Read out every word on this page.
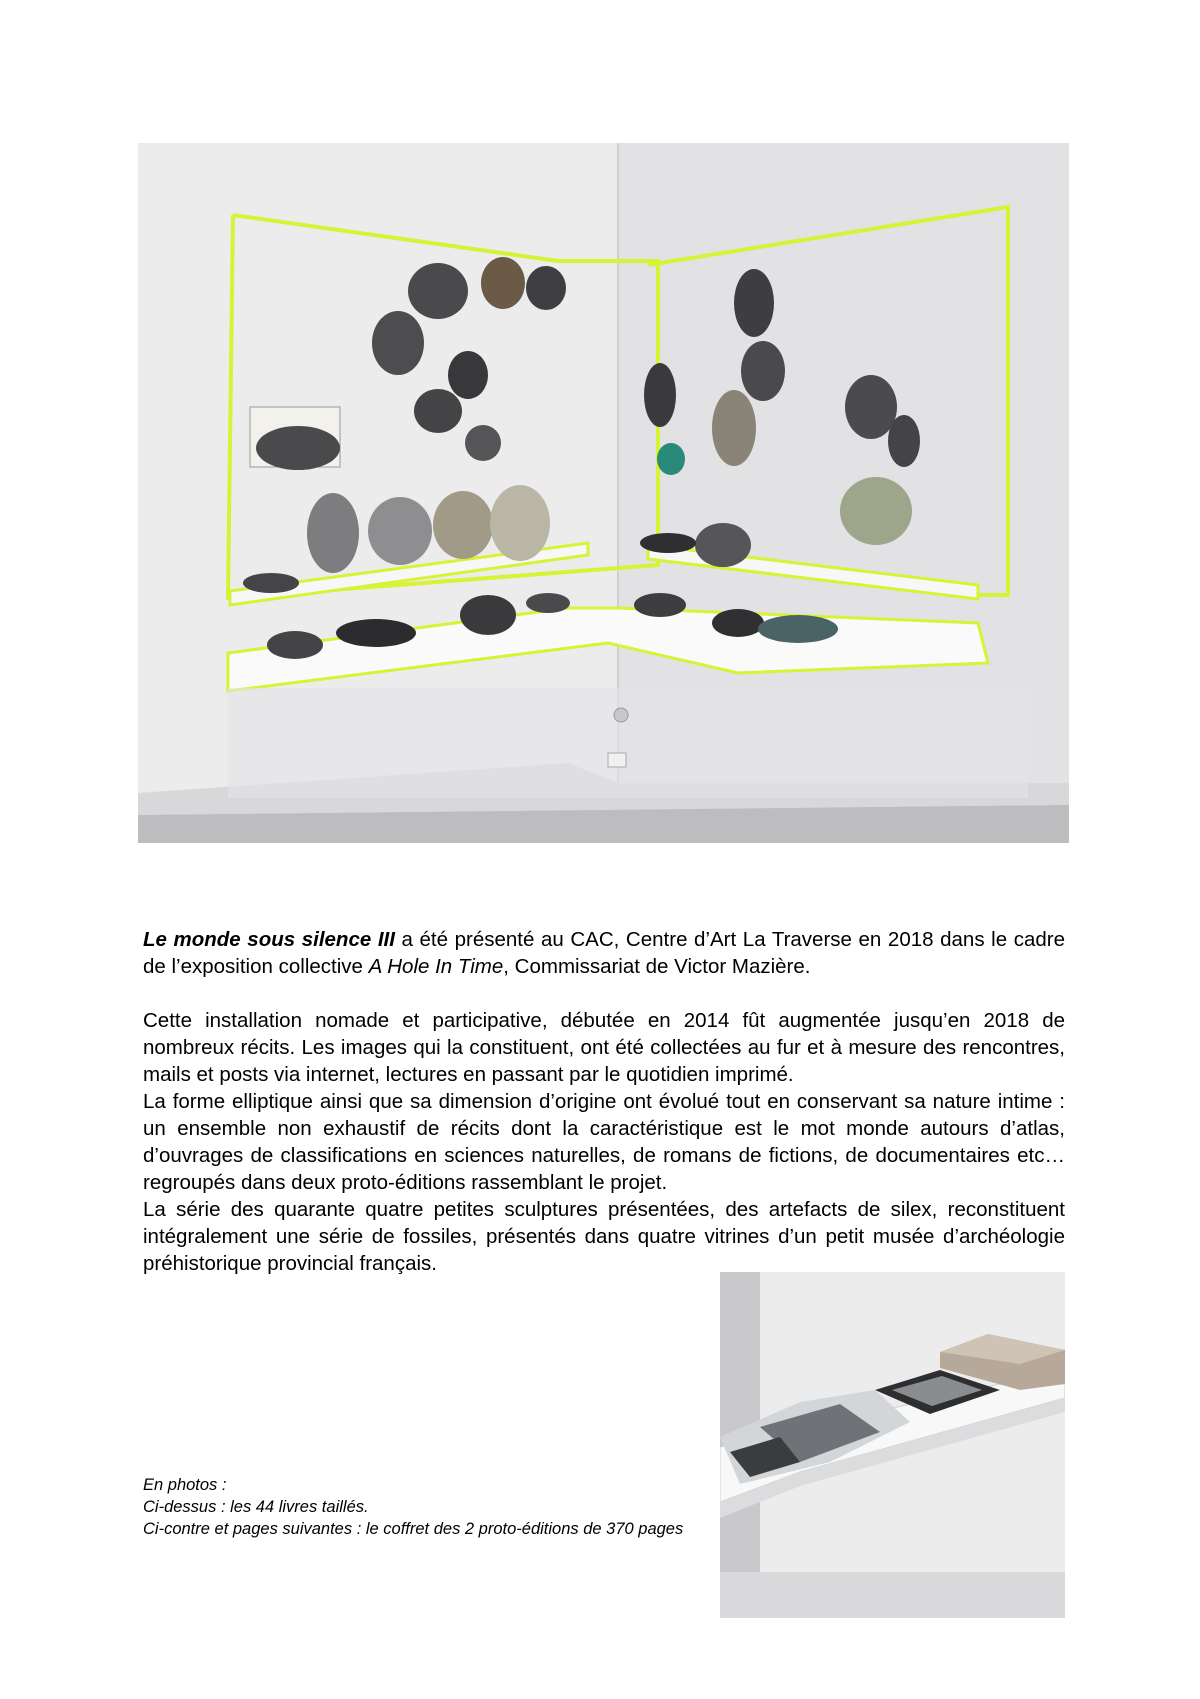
Le monde sous silence III a été présenté au CAC, Centre d’Art La Traverse en 2018 dans le cadre de l’exposition collective A Hole In Time, Commissariat de Victor Mazière.

Cette installation nomade et participative, débutée en 2014 fût augmentée jusqu’en 2018 de nombreux récits. Les images qui la constituent, ont été collectées au fur et à mesure des rencontres, mails et posts via internet, lectures en passant par le quotidien imprimé.

La forme elliptique ainsi que sa dimension d’origine ont évolué tout en conservant sa nature intime : un ensemble non exhaustif de récits dont la caractéristique est le mot monde autours d’atlas, d’ouvrages de classifications en sciences naturelles, de romans de fictions, de documentaires etc… regroupés dans deux proto-éditions rassemblant le projet.

La série des quarante quatre petites sculptures présentées, des artefacts de silex, reconstituent intégralement une série de fossiles, présentés dans quatre vitrines d’un petit musée d’archéologie préhistorique provincial français.

En photos :
Ci-dessus : les 44 livres taillés.
Ci-contre et pages suivantes : le coffret des 2 proto-éditions de 370 pages
